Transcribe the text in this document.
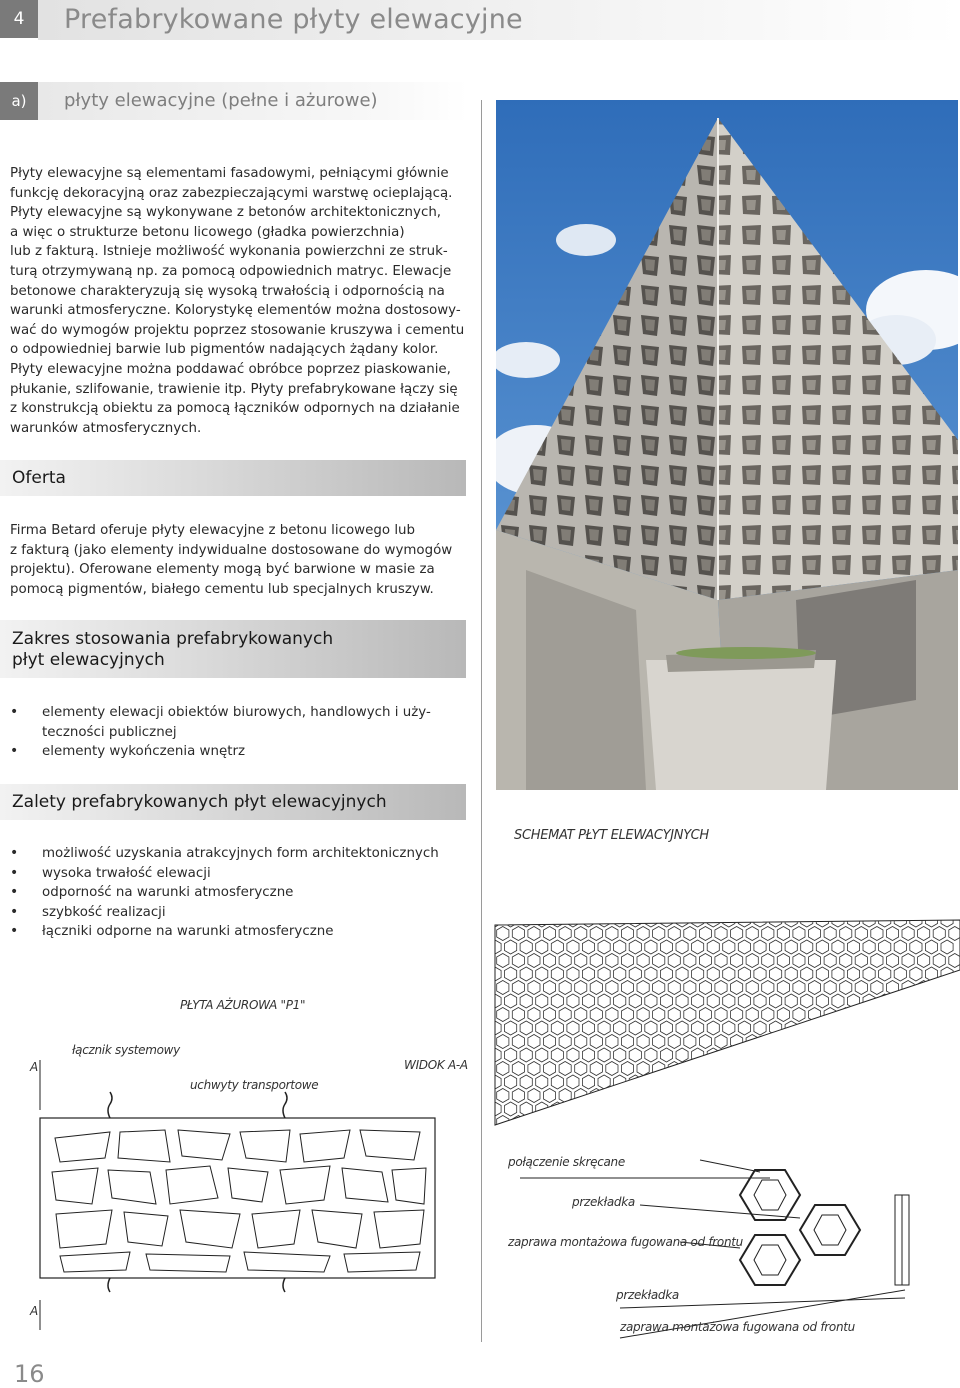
4	Prefabrykowane płyty elewacyjne
a)	płyty elewacyjne (pełne i ażurowe)

Płyty elewacyjne są elementami fasadowymi, pełniącymi głównie
funkcję dekoracyjną oraz zabezpieczającymi warstwę ocieplającą.
Płyty elewacyjne są wykonywane z betonów architektonicznych,
a więc o strukturze betonu licowego (gładka powierzchnia)
lub z fakturą. Istnieje możliwość wykonania powierzchni ze struk-
turą otrzymywaną np. za pomocą odpowiednich matryc. Elewacje
betonowe charakteryzują się wysoką trwałością i odpornością na
warunki atmosferyczne. Kolorystykę elementów można dostosowy-
wać do wymogów projektu poprzez stosowanie kruszywa i cementu
o odpowiedniej barwie lub pigmentów nadających żądany kolor.
Płyty elewacyjne można poddawać obróbce poprzez piaskowanie,
płukanie, szlifowanie, trawienie itp. Płyty prefabrykowane łączy się
z konstrukcją obiektu za pomocą łączników odpornych na działanie
warunków atmosferycznych.

Oferta

Firma Betard oferuje płyty elewacyjne z betonu licowego lub
z fakturą (jako elementy indywidualne dostosowane do wymogów
projektu). Oferowane elementy mogą być barwione w masie za
pomocą pigmentów, białego cementu lub specjalnych kruszyw.

Zakres stosowania prefabrykowanych
płyt elewacyjnych
• elementy elewacji obiektów biurowych, handlowych i uży-
teczności publicznej
• elementy wykończenia wnętrz
Zalety prefabrykowanych płyt elewacyjnych
• możliwość uzyskania atrakcyjnych form architektonicznych
• wysoka trwałość elewacji
• odporność na warunki atmosferyczne
• szybkość realizacji
• łączniki odporne na warunki atmosferyczne
SCHEMAT PŁYT ELEWACYJNYCH
PŁYTA AŻUROWA "P1"
łącznik systemowy
uchwyty transportowe
A
A
WIDOK A-A
połączenie skręcane
przekładka
zaprawa montażowa fugowana od frontu
przekładka
zaprawa montażowa fugowana od frontu
16
